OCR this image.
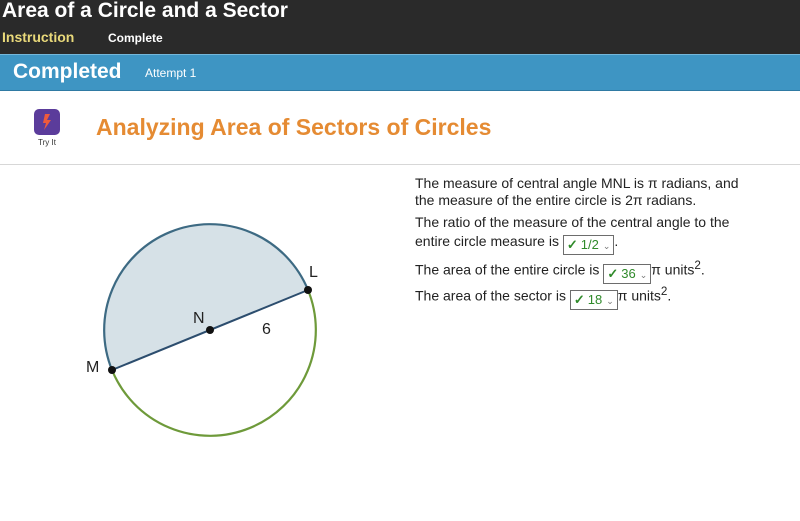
Area of a Circle and a Sector
Instruction	Complete
Completed Attempt 1
Try It
Analyzing Area of Sectors of Circles
M
N
L
6
The measure of central angle MNL is π radians, and
the measure of the entire circle is 2π radians.
The ratio of the measure of the central angle to the
entire circle measure is ✓ 1/2 ⌄ .
The area of the entire circle is ✓ 36 ⌄ π units$^2$.
The area of the sector is ✓ 18 ⌄ π units$^2$.
